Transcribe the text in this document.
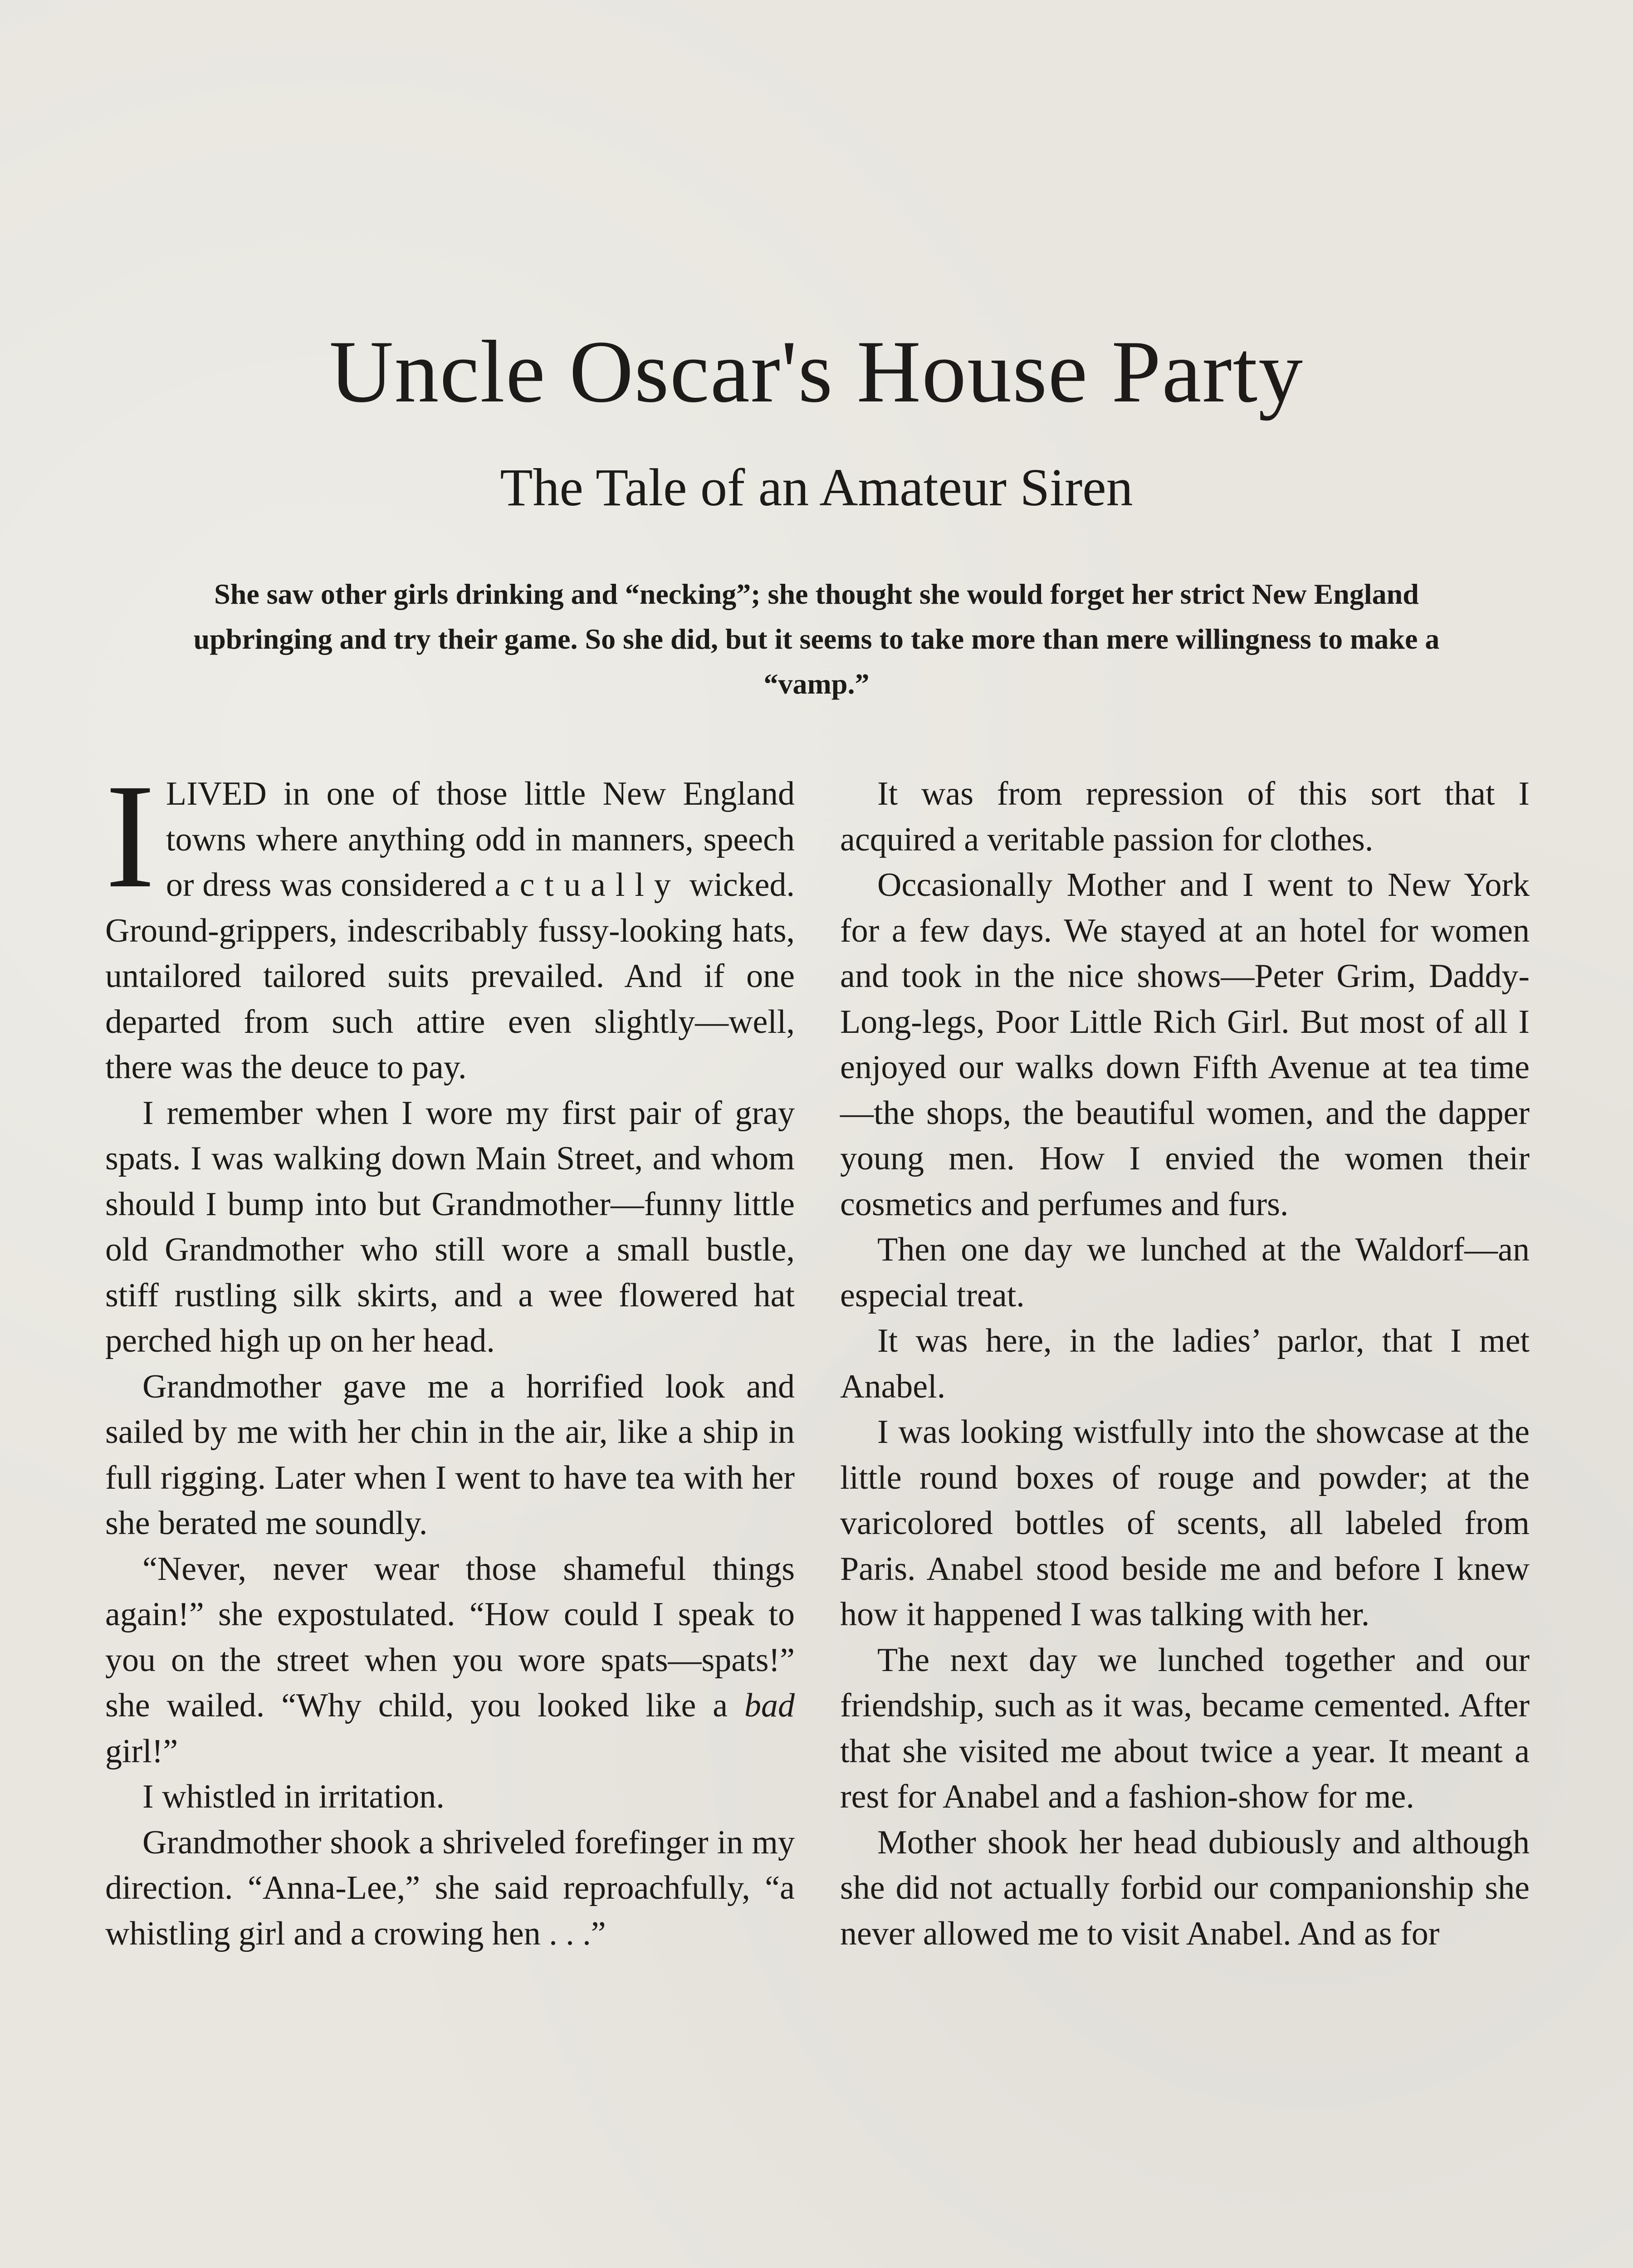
Uncle Oscar's House Party
The Tale of an Amateur Siren

She saw other girls drinking and “necking”; she thought she would forget her strict New England upbringing and try their game. So she did, but it seems to take more than mere willingness to make a “vamp.”

I LIVED in one of those little New England towns where anything odd in manners, speech or dress was considered actually wicked. Ground-grippers, indescribably fussy-looking hats, untailored tailored suits prevailed. And if one departed from such attire even slightly—well, there was the deuce to pay.

I remember when I wore my first pair of gray spats. I was walking down Main Street, and whom should I bump into but Grandmother—funny little old Grandmother who still wore a small bustle, stiff rustling silk skirts, and a wee flowered hat perched high up on her head.

Grandmother gave me a horrified look and sailed by me with her chin in the air, like a ship in full rigging. Later when I went to have tea with her she berated me soundly.

“Never, never wear those shameful things again!” she expostulated. “How could I speak to you on the street when you wore spats—spats!” she wailed. “Why child, you looked like a bad girl!”

I whistled in irritation.

Grandmother shook a shriveled forefinger in my direction. “Anna-Lee,” she said reproachfully, “a whistling girl and a crowing hen . . .”

It was from repression of this sort that I acquired a veritable passion for clothes.

Occasionally Mother and I went to New York for a few days. We stayed at an hotel for women and took in the nice shows—Peter Grim, Daddy-Long-legs, Poor Little Rich Girl. But most of all I enjoyed our walks down Fifth Avenue at tea time—the shops, the beautiful women, and the dapper young men. How I envied the women their cosmetics and perfumes and furs.

Then one day we lunched at the Waldorf—an especial treat.

It was here, in the ladies’ parlor, that I met Anabel.

I was looking wistfully into the showcase at the little round boxes of rouge and powder; at the varicolored bottles of scents, all labeled from Paris. Anabel stood beside me and before I knew how it happened I was talking with her.

The next day we lunched together and our friendship, such as it was, became cemented. After that she visited me about twice a year. It meant a rest for Anabel and a fashion-show for me.

Mother shook her head dubiously and although she did not actually forbid our companionship she never allowed me to visit Anabel. And as for
